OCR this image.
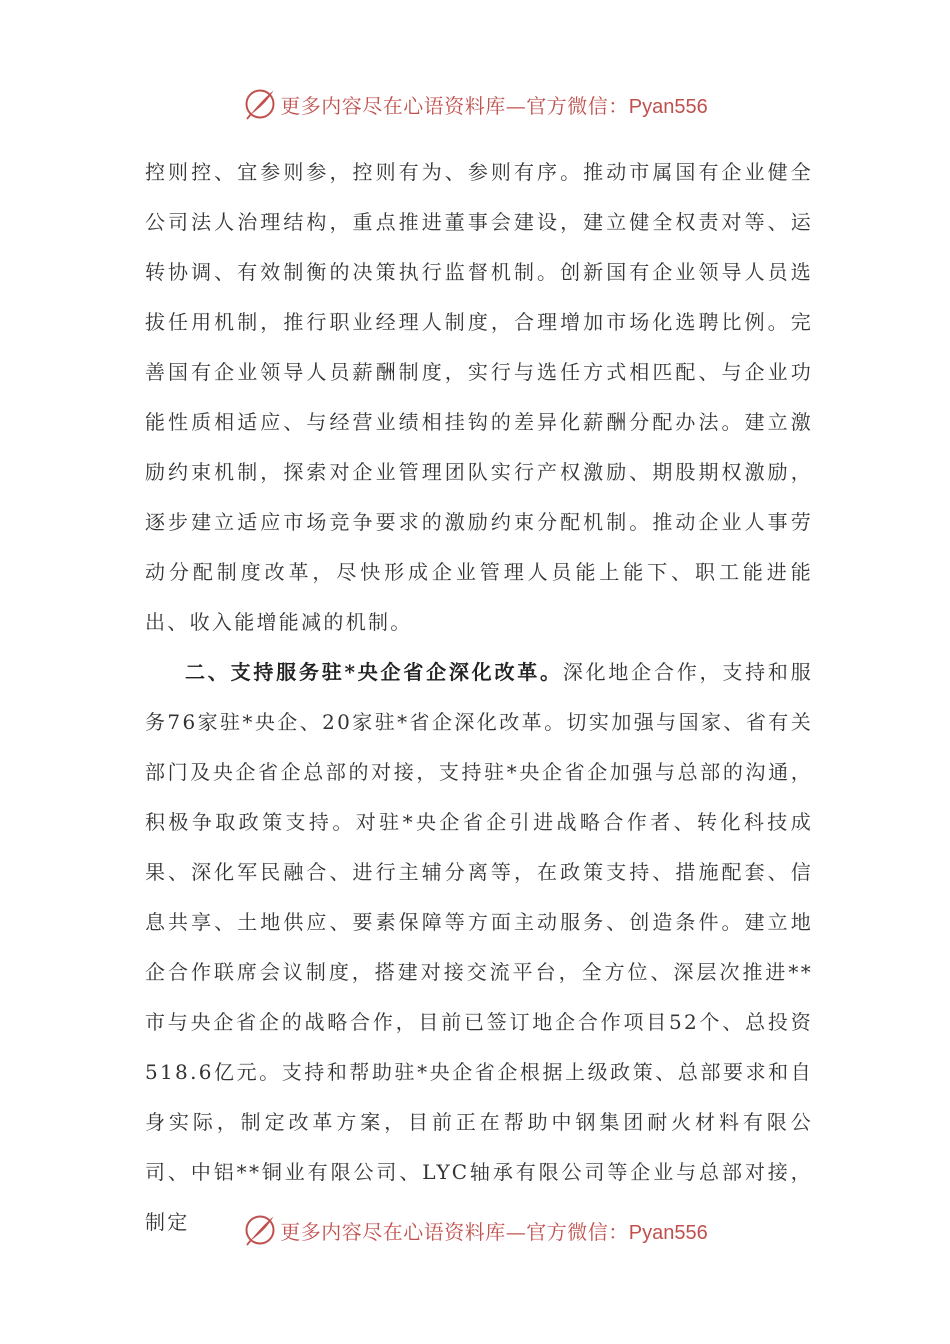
更多内容尽在心语资料库—官方微信：Pyan556

控则控、宜参则参，控则有为、参则有序。推动市属国有企业健全公司法人治理结构，重点推进董事会建设，建立健全权责对等、运转协调、有效制衡的决策执行监督机制。创新国有企业领导人员选拔任用机制，推行职业经理人制度，合理增加市场化选聘比例。完善国有企业领导人员薪酬制度，实行与选任方式相匹配、与企业功能性质相适应、与经营业绩相挂钩的差异化薪酬分配办法。建立激励约束机制，探索对企业管理团队实行产权激励、期股期权激励，逐步建立适应市场竞争要求的激励约束分配机制。推动企业人事劳动分配制度改革，尽快形成企业管理人员能上能下、职工能进能出、收入能增能减的机制。

二、支持服务驻*央企省企深化改革。深化地企合作，支持和服务76家驻*央企、20家驻*省企深化改革。切实加强与国家、省有关部门及央企省企总部的对接，支持驻*央企省企加强与总部的沟通，积极争取政策支持。对驻*央企省企引进战略合作者、转化科技成果、深化军民融合、进行主辅分离等，在政策支持、措施配套、信息共享、土地供应、要素保障等方面主动服务、创造条件。建立地企合作联席会议制度，搭建对接交流平台，全方位、深层次推进**市与央企省企的战略合作，目前已签订地企合作项目52个、总投资518.6亿元。支持和帮助驻*央企省企根据上级政策、总部要求和自身实际，制定改革方案，目前正在帮助中钢集团耐火材料有限公司、中铝**铜业有限公司、LYC轴承有限公司等企业与总部对接，制定	更多内容尽在心语资料库—官方微信：Pyan556
